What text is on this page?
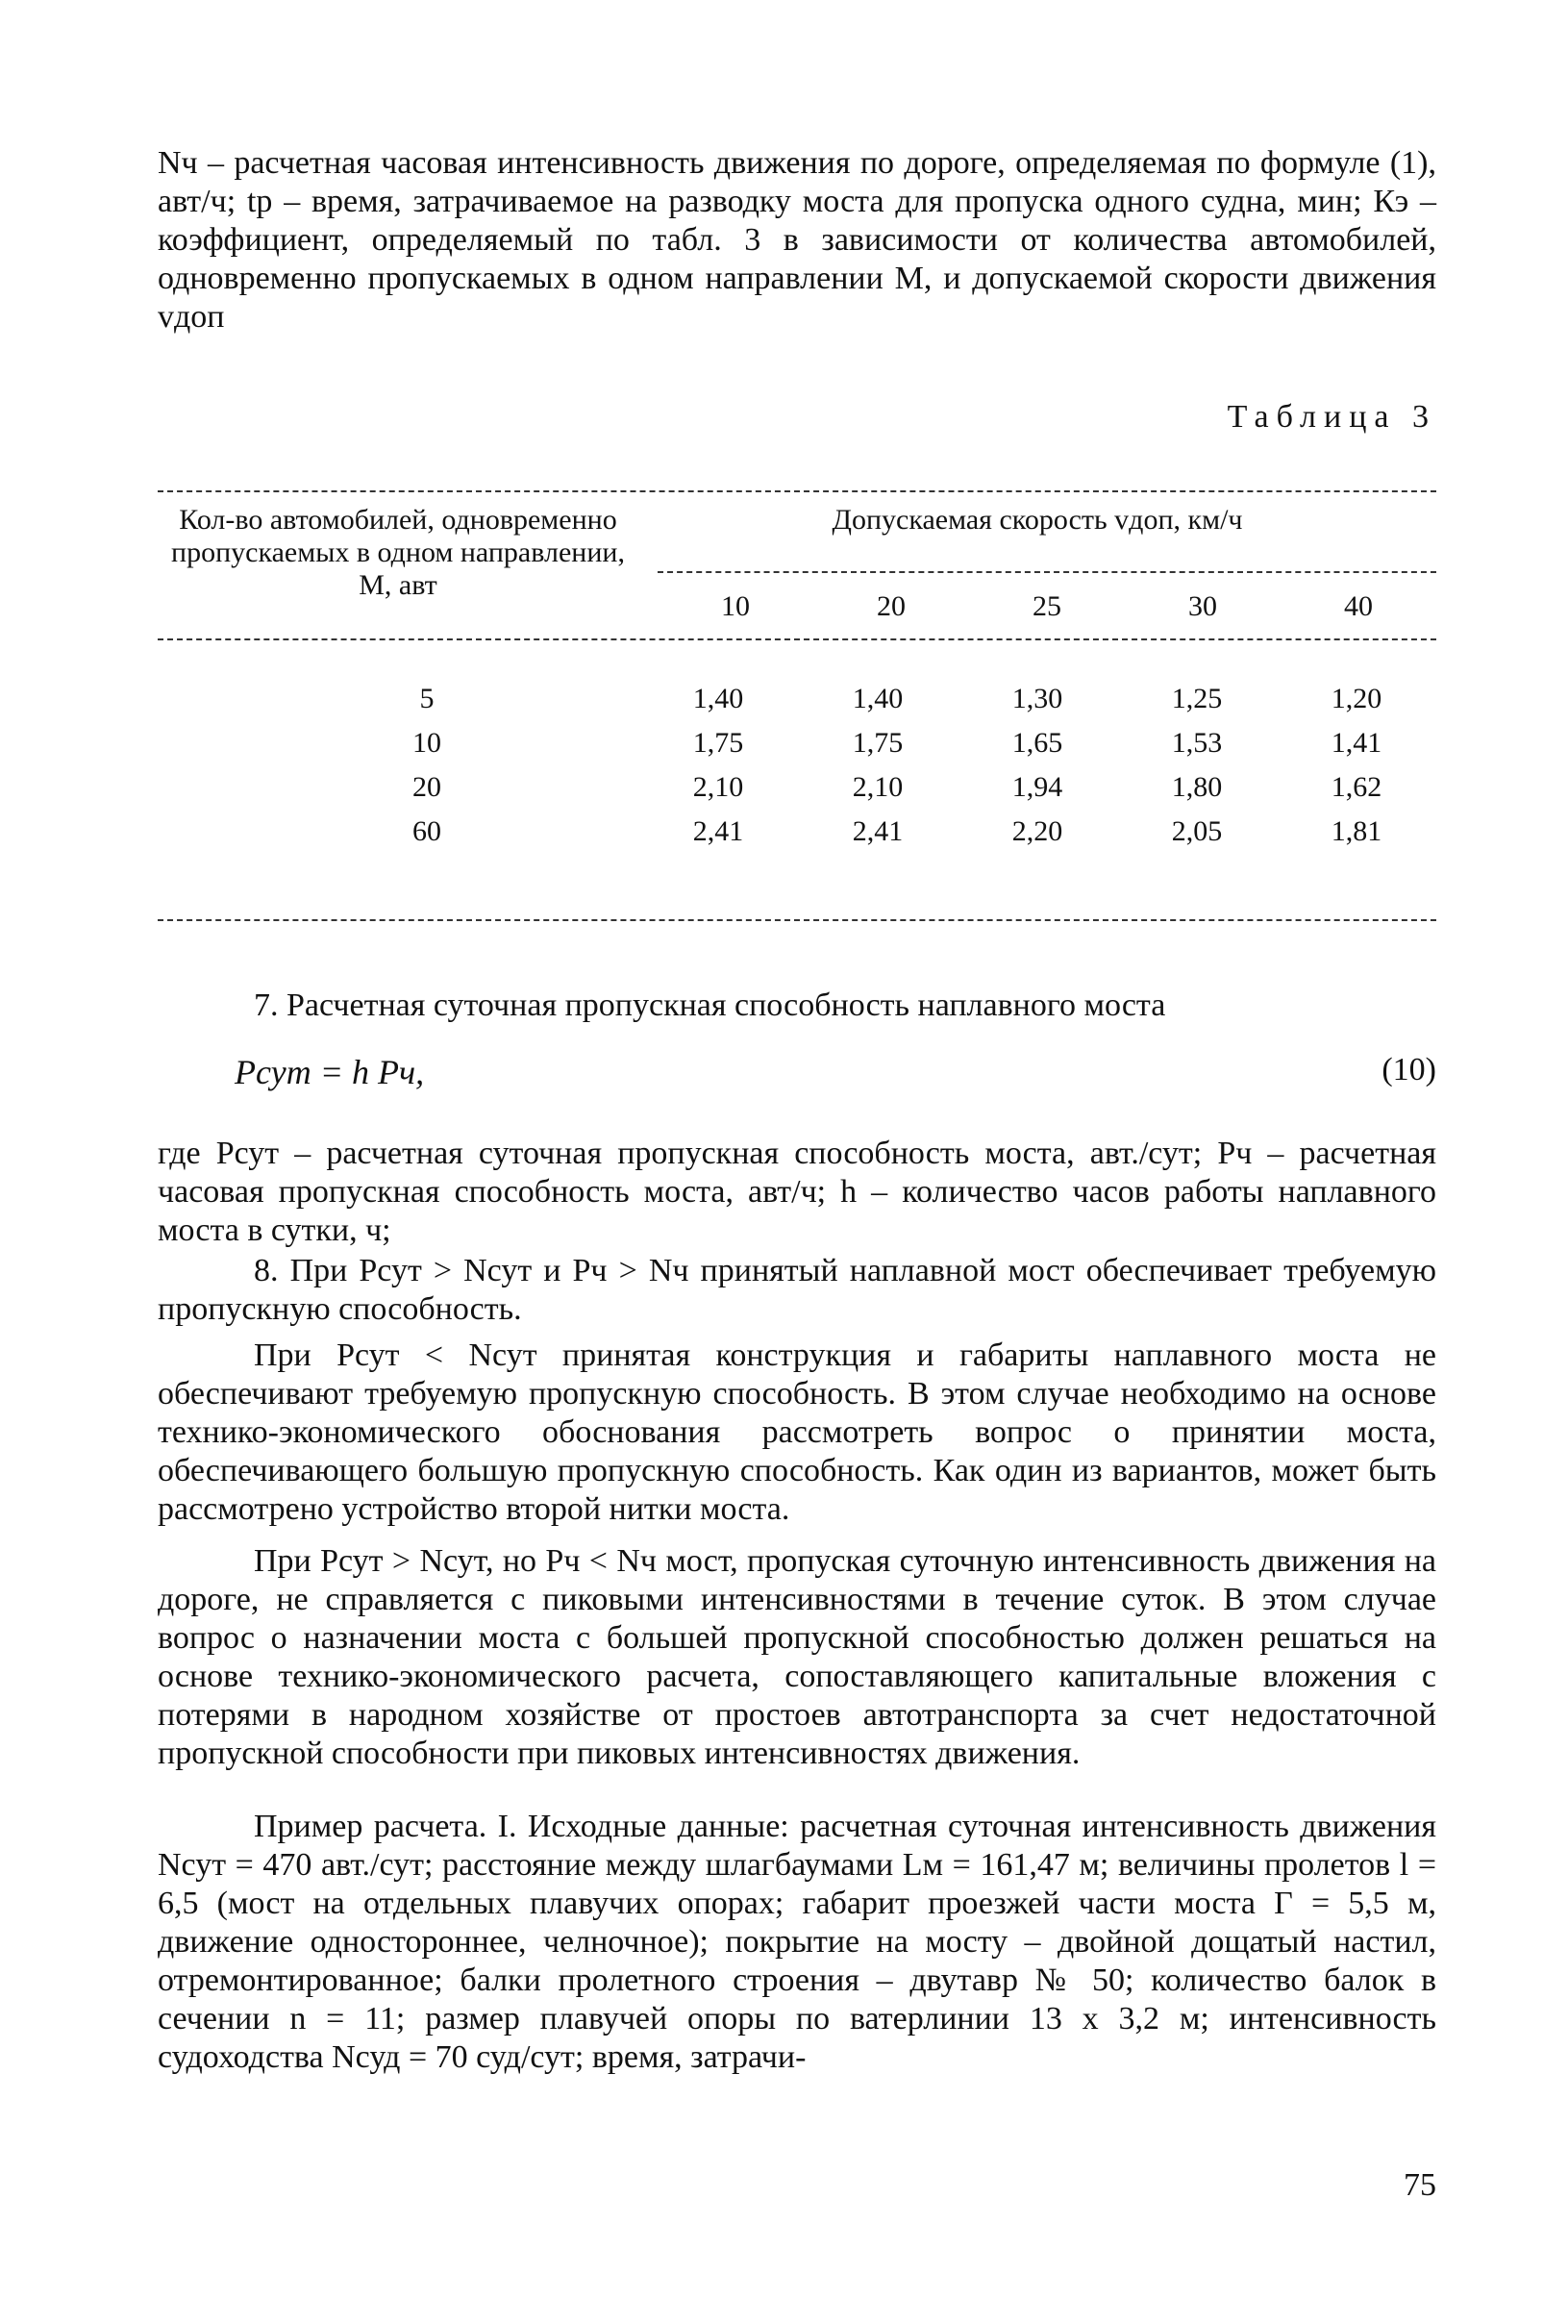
Nч – расчетная часовая интенсивность движения по дороге, определяемая по формуле (1), авт/ч; tр – время, затрачиваемое на разводку моста для пропуска одного судна, мин; Кэ – коэффициент, определяемый по табл. 3 в зависимости от количества автомобилей, одновременно пропускаемых в одном направлении М, и допускаемой скорости движения vдоп

Таблица 3
Кол-во автомобилей, одновременно пропускаемых в одном направлении, М, авт
Допускаемая скорость vдоп, км/ч
10	20	25	30	40
5	1,40	1,40	1,30	1,25	1,20
10	1,75	1,75	1,65	1,53	1,41
20	2,10	2,10	1,94	1,80	1,62
60	2,41	2,41	2,20	2,05	1,81

7. Расчетная суточная пропускная способность наплавного моста

Рсут = h Рч,	(10)

где Рсут – расчетная суточная пропускная способность моста, авт./сут; Рч – расчетная часовая пропускная способность моста, авт/ч; h – количество часов работы наплавного моста в сутки, ч;

8. При Рсут > Nсут и Рч > Nч принятый наплавной мост обеспечивает требуемую пропускную способность.

При Рсут < Nсут принятая конструкция и габариты наплавного моста не обеспечивают требуемую пропускную способность. В этом случае необходимо на основе технико-экономического обоснования рассмотреть вопрос о принятии моста, обеспечивающего большую пропускную способность. Как один из вариантов, может быть рассмотрено устройство второй нитки моста.

При Рсут > Nсут, но Рч < Nч мост, пропуская суточную интенсивность движения на дороге, не справляется с пиковыми интенсивностями в течение суток. В этом случае вопрос о назначении моста с большей пропускной способностью должен решаться на основе технико-экономического расчета, сопоставляющего капитальные вложения с потерями в народном хозяйстве от простоев автотранспорта за счет недостаточной пропускной способности при пиковых интенсивностях движения.

Пример расчета. I. Исходные данные: расчетная суточная интенсивность движения Nсут = 470 авт./сут; расстояние между шлагбаумами Lм = 161,47 м; величины пролетов l = 6,5 (мост на отдельных плавучих опорах; габарит проезжей части моста Г = 5,5 м, движение одностороннее, челночное); покрытие на мосту – двойной дощатый настил, отремонтированное; балки пролетного строения – двутавр № 50; количество балок в сечении n = 11; размер плавучей опоры по ватерлинии 13 х 3,2 м; интенсивность судоходства Nсуд = 70 суд/сут; время, затрачи-

75
